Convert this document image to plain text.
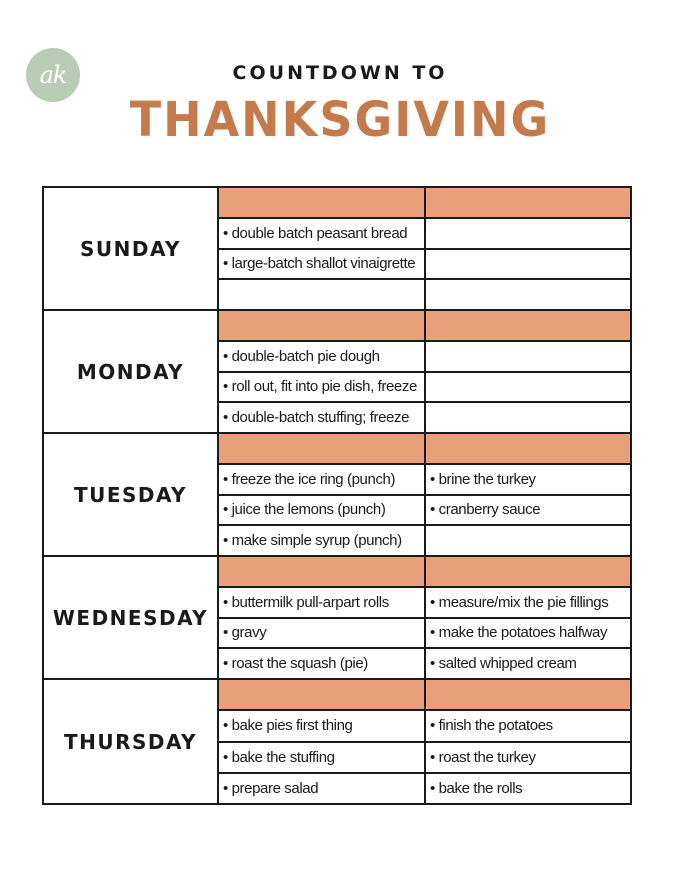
ak	COUNTDOWN TO
THANKSGIVING
SUNDAY
• double batch peasant bread
• large-batch shallot vinaigrette
MONDAY
• double-batch pie dough
• roll out, fit into pie dish, freeze
• double-batch stuffing; freeze
TUESDAY
• freeze the ice ring (punch)	• brine the turkey
• juice the lemons (punch)	• cranberry sauce
• make simple syrup (punch)
WEDNESDAY
• buttermilk pull-arpart rolls	• measure/mix the pie fillings
• gravy	• make the potatoes halfway
• roast the squash (pie)	• salted whipped cream
THURSDAY
• bake pies first thing	• finish the potatoes
• bake the stuffing	• roast the turkey
• prepare salad	• bake the rolls
